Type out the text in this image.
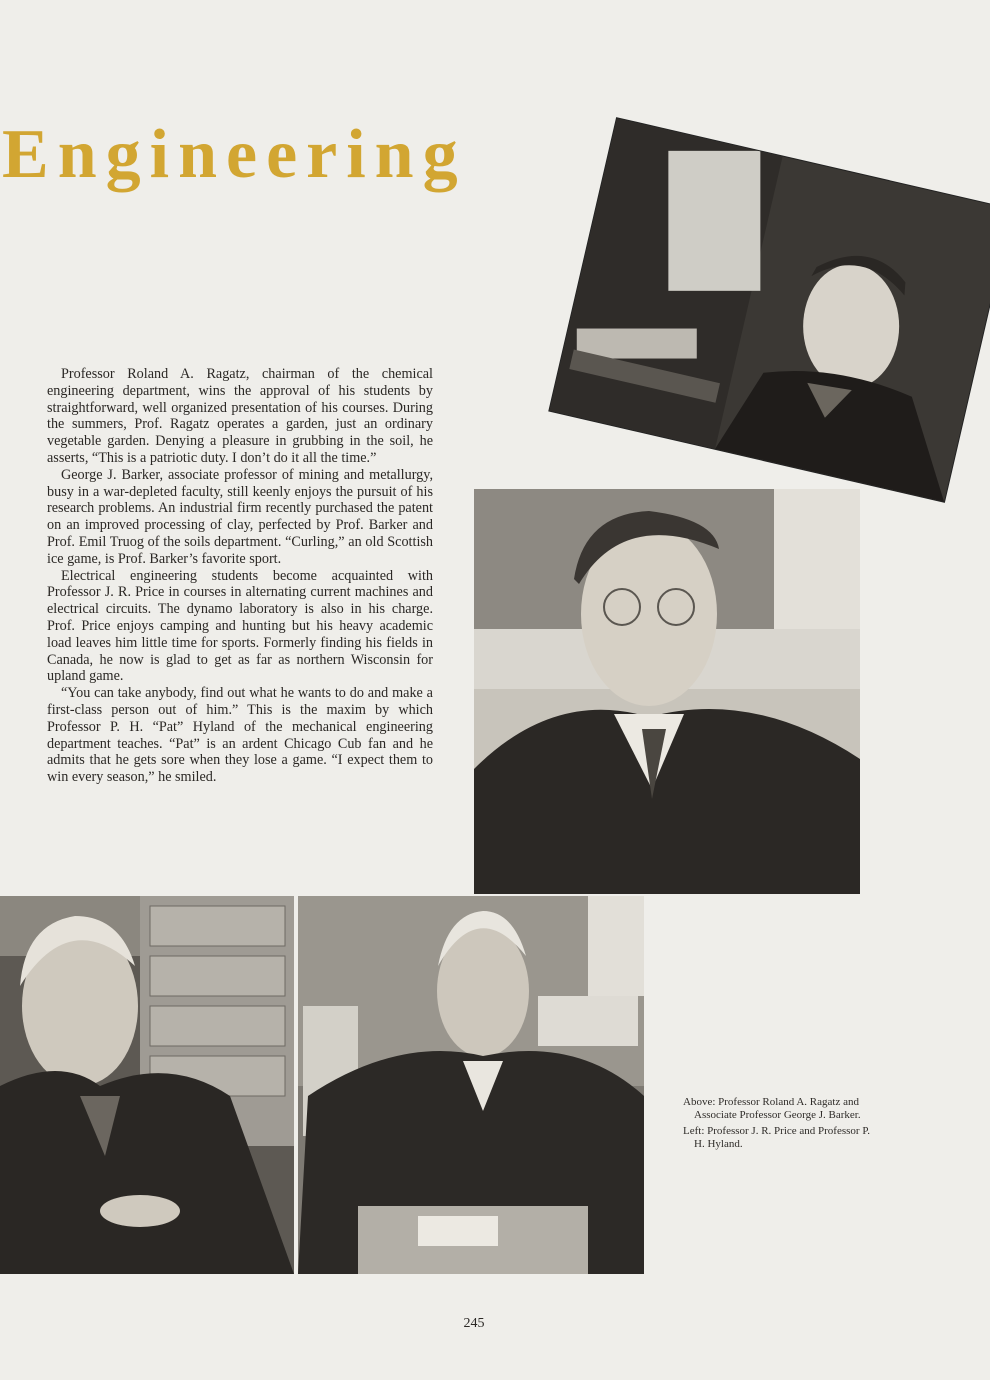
Engineering

Professor Roland A. Ragatz, chairman of the chemical engineering department, wins the approval of his students by straightforward, well organized presentation of his courses. During the summers, Prof. Ragatz operates a garden, just an ordinary vegetable garden. Denying a pleasure in grubbing in the soil, he asserts, “This is a patriotic duty. I don’t do it all the time.”

George J. Barker, associate professor of mining and metallurgy, busy in a war-depleted faculty, still keenly enjoys the pursuit of his research problems. An industrial firm recently purchased the patent on an improved processing of clay, perfected by Prof. Barker and Prof. Emil Truog of the soils department. “Curling,” an old Scottish ice game, is Prof. Barker’s favorite sport.

Electrical engineering students become acquainted with Professor J. R. Price in courses in alternating current machines and electrical circuits. The dynamo laboratory is also in his charge. Prof. Price enjoys camping and hunting but his heavy academic load leaves him little time for sports. Formerly finding his fields in Canada, he now is glad to get as far as northern Wisconsin for upland game.

“You can take anybody, find out what he wants to do and make a first-class person out of him.” This is the maxim by which Professor P. H. “Pat” Hyland of the mechanical engineering department teaches. “Pat” is an ardent Chicago Cub fan and he admits that he gets sore when they lose a game. “I expect them to win every season,” he smiled.

Above: Professor Roland A. Ragatz and Associate Professor George J. Barker.

Left: Professor J. R. Price and Professor P. H. Hyland.

245
